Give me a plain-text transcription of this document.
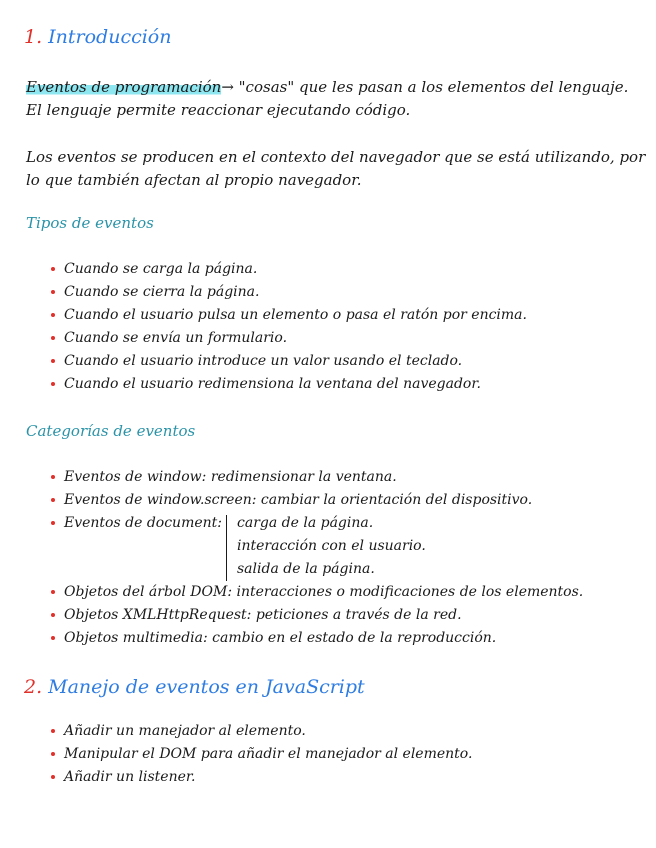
1. Introducción

Eventos de programación→ "cosas" que les pasan a los elementos del lenguaje. El lenguaje permite reaccionar ejecutando código.

Los eventos se producen en el contexto del navegador que se está utilizando, por lo que también afectan al propio navegador.

Tipos de eventos
Cuando se carga la página.
Cuando se cierra la página.
Cuando el usuario pulsa un elemento o pasa el ratón por encima.
Cuando se envía un formulario.
Cuando el usuario introduce un valor usando el teclado.
Cuando el usuario redimensiona la ventana del navegador.
Categorías de eventos
Eventos de window: redimensionar la ventana.
Eventos de window.screen: cambiar la orientación del dispositivo.
Eventos de document: carga de la página.
interacción con el usuario.
salida de la página.
Objetos del árbol DOM: interacciones o modificaciones de los elementos.
Objetos XMLHttpRequest: peticiones a través de la red.
Objetos multimedia: cambio en el estado de la reproducción.
2. Manejo de eventos en JavaScript
Añadir un manejador al elemento.
Manipular el DOM para añadir el manejador al elemento.
Añadir un listener.
